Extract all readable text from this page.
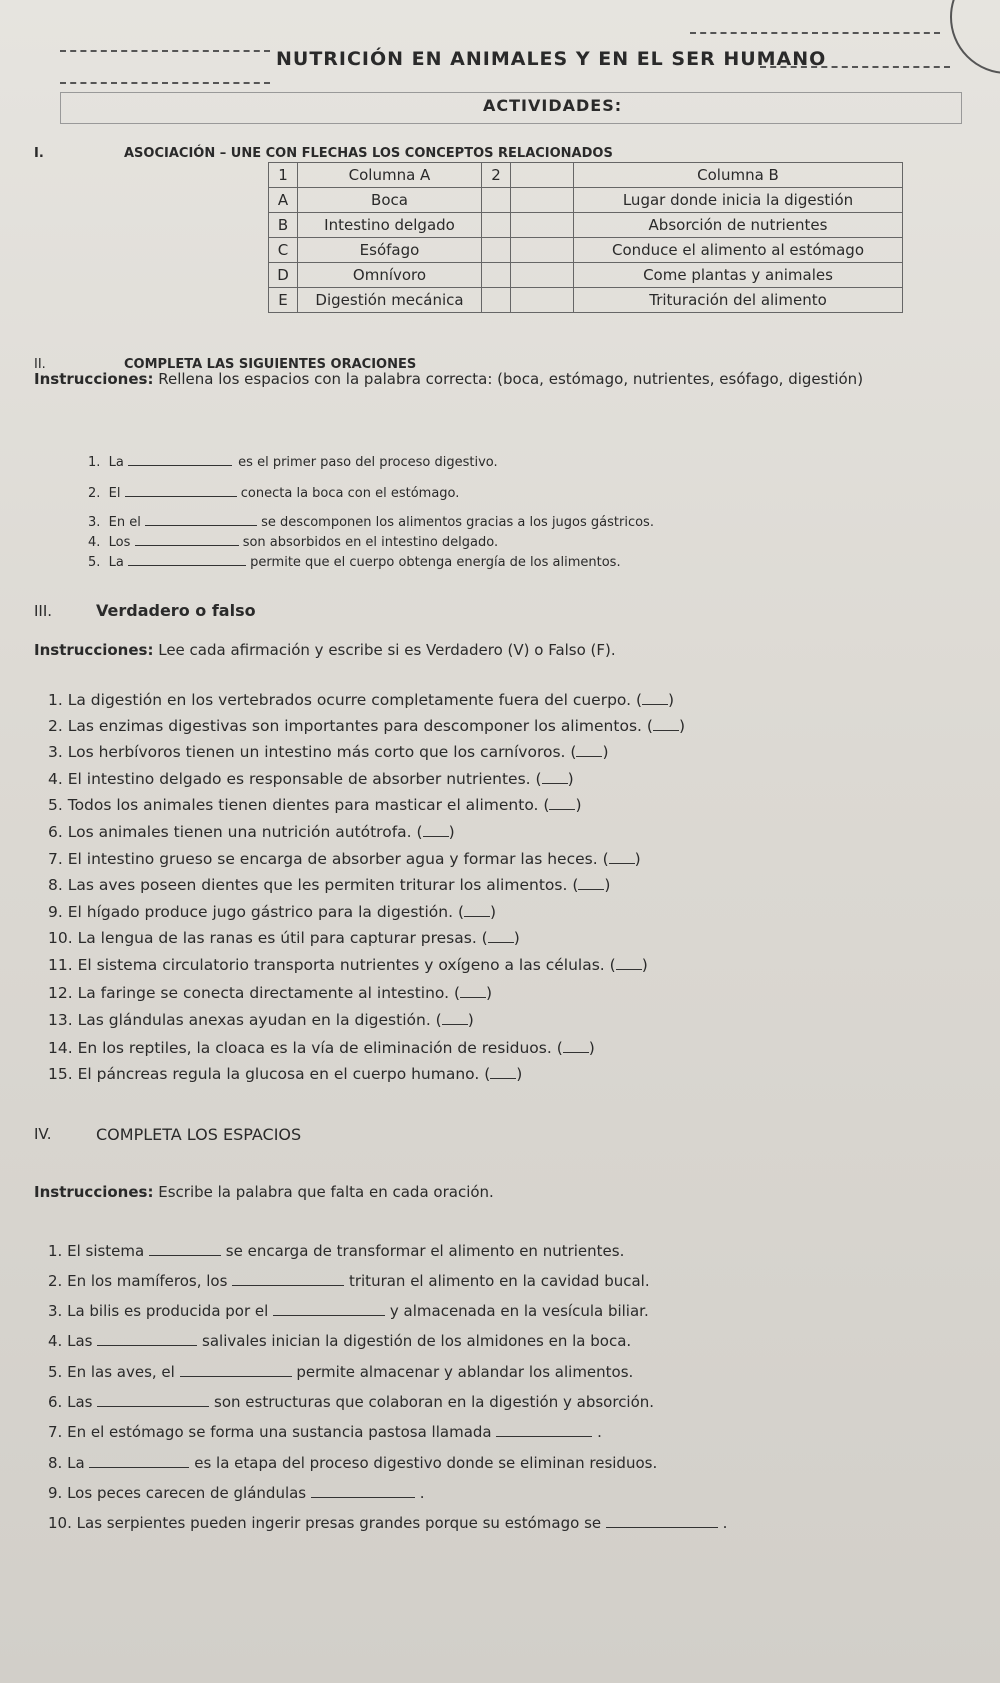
NUTRICIÓN EN ANIMALES Y EN EL SER HUMANO
ACTIVIDADES:
I.	ASOCIACIÓN – UNE CON FLECHAS LOS CONCEPTOS RELACIONADOS
1	Columna A	2		Columna B
A	Boca			Lugar donde inicia la digestión
B	Intestino delgado			Absorción de nutrientes
C	Esófago			Conduce el alimento al estómago
D	Omnívoro			Come plantas y animales
E	Digestión mecánica			Trituración del alimento
II.	COMPLETA LAS SIGUIENTES ORACIONES
Instrucciones: Rellena los espacios con la palabra correcta: (boca, estómago, nutrientes, esófago, digestión)
1. La	es el primer paso del proceso digestivo.
2. El	conecta la boca con el estómago.
3. En el	se descomponen los alimentos gracias a los jugos gástricos.
4. Los	son absorbidos en el intestino delgado.
5. La	permite que el cuerpo obtenga energía de los alimentos.
III.	Verdadero o falso
Instrucciones: Lee cada afirmación y escribe si es Verdadero (V) o Falso (F).
1. La digestión en los vertebrados ocurre completamente fuera del cuerpo. ( )
2. Las enzimas digestivas son importantes para descomponer los alimentos. ( )
3. Los herbívoros tienen un intestino más corto que los carnívoros. ( )
4. El intestino delgado es responsable de absorber nutrientes. ( )
5. Todos los animales tienen dientes para masticar el alimento. ( )
6. Los animales tienen una nutrición autótrofa. ( )
7. El intestino grueso se encarga de absorber agua y formar las heces. ( )
8. Las aves poseen dientes que les permiten triturar los alimentos. ( )
9. El hígado produce jugo gástrico para la digestión. ( )
10. La lengua de las ranas es útil para capturar presas. ( )
11. El sistema circulatorio transporta nutrientes y oxígeno a las células. ( )
12. La faringe se conecta directamente al intestino. ( )
13. Las glándulas anexas ayudan en la digestión. ( )
14. En los reptiles, la cloaca es la vía de eliminación de residuos. ( )
15. El páncreas regula la glucosa en el cuerpo humano. ( )
IV.	COMPLETA LOS ESPACIOS
Instrucciones: Escribe la palabra que falta en cada oración.
1. El sistema	se encarga de transformar el alimento en nutrientes.
2. En los mamíferos, los	trituran el alimento en la cavidad bucal.
3. La bilis es producida por el	y almacenada en la vesícula biliar.
4. Las	salivales inician la digestión de los almidones en la boca.
5. En las aves, el	permite almacenar y ablandar los alimentos.
6. Las	son estructuras que colaboran en la digestión y absorción.
7. En el estómago se forma una sustancia pastosa llamada	.
8. La	es la etapa del proceso digestivo donde se eliminan residuos.
9. Los peces carecen de glándulas	.
10. Las serpientes pueden ingerir presas grandes porque su estómago se	.
